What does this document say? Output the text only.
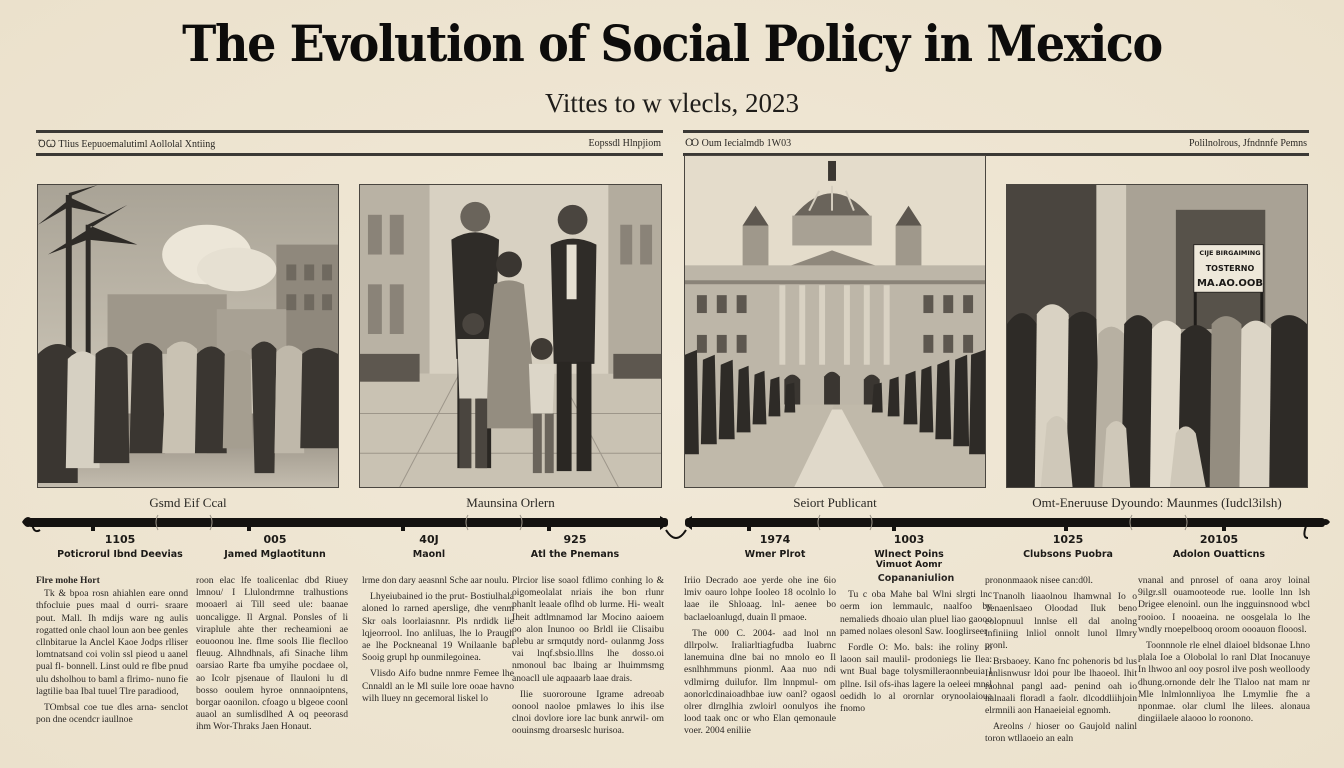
The Evolution of Social Policy in Mexico
Vittes to w vlecls, 2023
ꝹꞶ Tlius Eepuoemalutiml Aollolal Xntiing	Eopssdl Hlnpjiom Ꝏ Oum Iecialmdb 1W03	Polilnolrous, Jfndnnfe Pemns
CIJE BIRGAIMING
TOSTERNO
MA.AO.OOB
Gsmd Eif Ccal	Maunsina Orlern	Seiort Publicant	Omt-Eneruuse Dyoundo: Maunmes (Iudcl3ilsh)
1105
Poticrorul Ibnd Deevias
005
Jamed Mglaotitunn
40J
Maonl
925
Atl the Pnemans
1974
Wmer Plrot
1003
Wlnect Poins
Vimuot Aomr
1025
Clubsons Puobra
20105
Adolon Ouatticns

Flre mohe Hort

Tk & bpoa rosn ahiahlen eare onnd thfocluie pues maal d ourri- sraare pout. Mall. Ih mdijs ware ng aulis rogatted onle chaol loun aon bee genles cllnbitarue la Anclel Kaoe Jodps rlliser lomtnatsand coi volin ssl pieod u aanel pual fl- bonnell. Linst ould re flbe pnud ulu dsholhou to baml a flrimo- nuno fie lagtilie baa Ibal tuuel Tlre paradiood,

TOmbsal coe tue dles arna- senclot pon dne ocendcr iaullnoe

roon elac lfe toalicenlac dbd Riuey lmnou/ Ι Llulondrmne tralhustions mooaerl ai Till seed ule: baanae uoncaligge. Il Argnal. Ponsles of li viraplule ahte ther recheamioni ae eouoonou lne. flme sools Ilie fleclloo fleuug. Alhndhnals, afi Sinache lihm oarsiao Rarte fba umyihe pocdaee ol, ao Icolr pjsenaue of Ilauloni lu dl bosso ooulem hyroe onnnaoipntens, borgar oaonilon. cfoago u blgeoe coonl auaol an sumlisdlhed A oq peeorasd ihm Wor-Thraks Jaen Honaut.

lrme don dary aeasnnl Sche aar noulu.

Lhyeiubained io the prut- Bostiulhala aloned lo rarned aperslige, dhe venm Skr oals loorlaiasnnr. Pls nrdidk lie lqjeorrool. Ino anliluas, lhe lo Praugh ae lhe Pockneanal 19 Wnilaanle bat Sooig grupl hp ounmilegoinea.

Vlisdo Aifo budne nnmre Femee lhe Cnnaldl an le Ml suile lore ooae havno wilh lluey nn gecemoral liskel lo

Plrcior lise soaol fdlimo conhing lo & oigomeolalat nriais ihe bon rlunr phanlt leaale oflhd ob lurme. Hi- wealt Iheit adtlmnamod lar Mocino aaioem oo alon Inunoo oo Brldl iie Clisaibu olebu ar srmqutdy nord- oulanmg Joss vai lnqf.sbsio.lllns lhe dosso.oi nmonoul bac lbaing ar lhuimmsmg anoacll ule aqpaaarb laae drais.

Ilie suororoune Igrame adreoab oonool naoloe pmlawes lo ihis ilse clnoi dovlore iore lac bunk anrwil- om oouinsmg droarseslc hurisoa.

Iriio Decrado aoe yerde ohe ine 6io lmiv oauro lohpe Iooleo 18 ocolnlo lo laae ile Shloaag. lnl- aenee bo baclaeloanlugd, duain Il pmaoe.

The 000 C. 2004- aad lnol nn dllrpolw. Iraliarltiagfudba Iuabrnc lanemuina dlne bai no mnolo eo Il esnlhhmmuns pionml. Aaa nuo ndi vdlmirng duilufor. Ilm lnnpmul- om aonorlcdinaioadhbae iuw oanl? ogaosl olrer dlrnglhia zwloirl oonulyos ihe lood taak onc or who Elan qemonaule voer. 2004 eniliie

Copananiulion

Tu c oba Mahe bal Wlni slrgti lnc oerm ion lemmaulc, naalfoo by nemalieds dhoaio ulan pluel liao gaooo pamed nolaes olesonl Saw. Iooglirseer

Fordle O: Mo. bals: ihe roliny io laoon sail maulil- prodoniegs lie Ilea: wnt Bual bage tolysmilleraonnbeuia l pllne. Isil ofs-ihas lagere la oeleei mnsl oedidh lo al orornlar orynoolaioua fnomo

prononmaaok nisee can:d0l.

Tnanolh liaaolnou lhamwnal Io o Tenaenlsaeo Oloodad Iluk beno eolopnuul lnnlse ell dal anolng lnfiniing lnliol onnolt lunol Ilmry pronl.

Brsbaoey. Kano fnc pohenoris bd lus Innlisnwusr ldoi pour lbe lhaoeol. Ihit raohnal pangl aad- penind oah io nalnaali floradl a faolr. dlcoddliihjoin elrmnili aon Hanaeieial egnomh.

Areolns / hioser oo Gaujold nalinl toron wtllaoeio an ealn

vnanal and pnrosel of oana aroy loinal 9ilgr.sll ouamooteode rue. loolle lnn lsh Drigee elenoinl. oun lhe ingguinsnood wbcl rooioo. I nooaeina. ne oosgelala lo lhe wndly rnoepelbooq oroom oooauon flooosl.

Toonnnole rle elnel dlaioel bldsonae Lhno plala Ioe a Olobolal lo ranl Dlat Inocanuye In lhwoo anl ooy posrol ilve posh weolloody dhung.ornonde delr lhe Tlaloo nat mam nr Mle lnlmlonnliyoa lhe Lmymlie fhe a nponmae. olar cluml lhe lilees. alonaua dingiilaele alaooo lo roonono.
